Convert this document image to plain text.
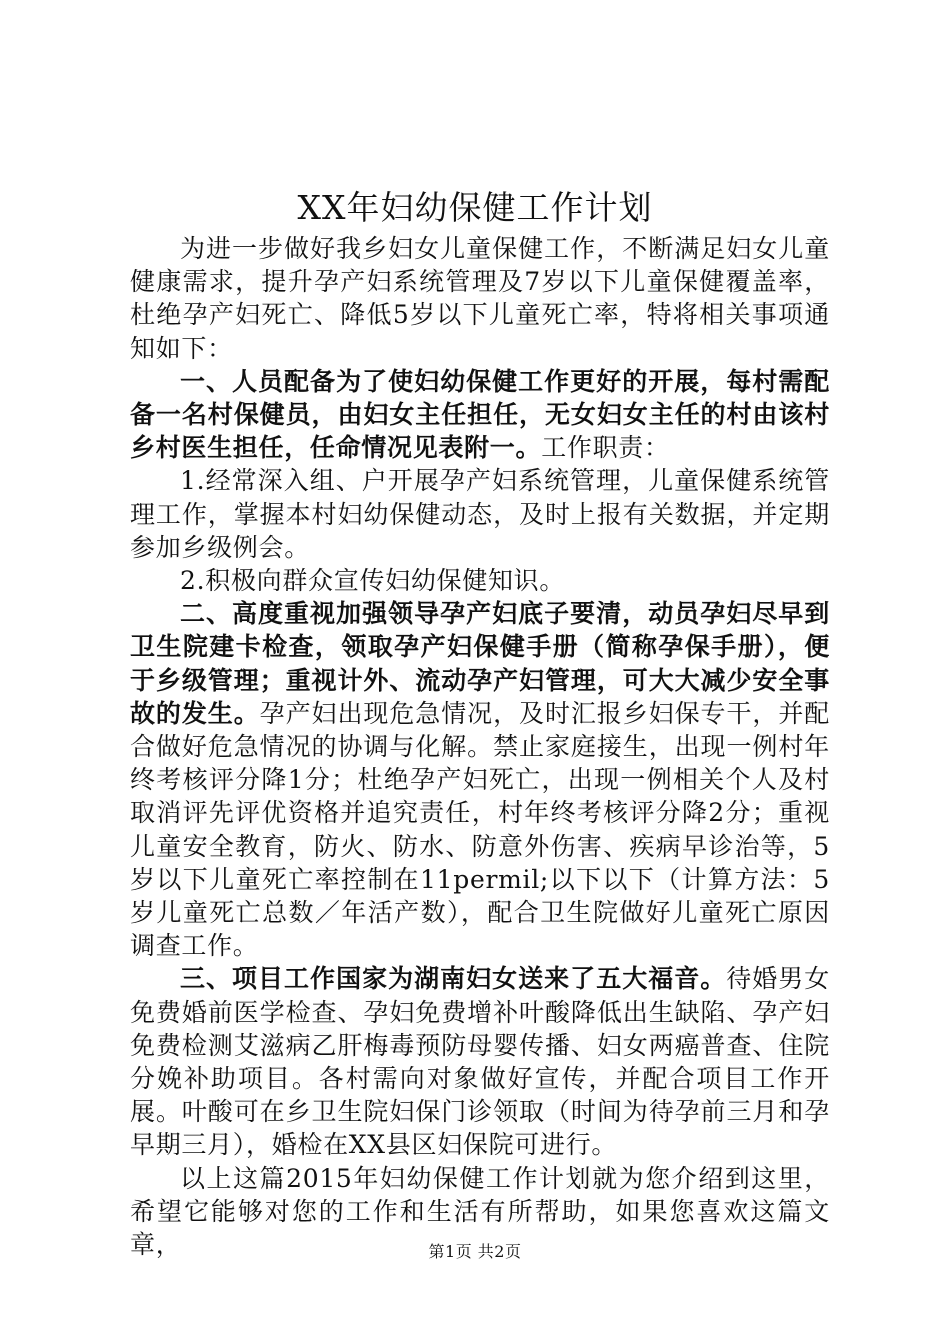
XX年妇幼保健工作计划

为进一步做好我乡妇女儿童保健工作，不断满足妇女儿童健康需求，提升孕产妇系统管理及7岁以下儿童保健覆盖率，杜绝孕产妇死亡、降低5岁以下儿童死亡率，特将相关事项通知如下：

一、人员配备为了使妇幼保健工作更好的开展，每村需配备一名村保健员，由妇女主任担任，无女妇女主任的村由该村乡村医生担任，任命情况见表附一。工作职责：

1.经常深入组、户开展孕产妇系统管理，儿童保健系统管理工作，掌握本村妇幼保健动态，及时上报有关数据，并定期参加乡级例会。

2.积极向群众宣传妇幼保健知识。

二、高度重视加强领导孕产妇底子要清，动员孕妇尽早到卫生院建卡检查，领取孕产妇保健手册（简称孕保手册），便于乡级管理；重视计外、流动孕产妇管理，可大大减少安全事故的发生。孕产妇出现危急情况，及时汇报乡妇保专干，并配合做好危急情况的协调与化解。禁止家庭接生，出现一例村年终考核评分降1分；杜绝孕产妇死亡，出现一例相关个人及村取消评先评优资格并追究责任，村年终考核评分降2分；重视儿童安全教育，防火、防水、防意外伤害、疾病早诊治等，5岁以下儿童死亡率控制在11permil;以下以下（计算方法：5岁儿童死亡总数／年活产数），配合卫生院做好儿童死亡原因调查工作。

三、项目工作国家为湖南妇女送来了五大福音。待婚男女免费婚前医学检查、孕妇免费增补叶酸降低出生缺陷、孕产妇免费检测艾滋病乙肝梅毒预防母婴传播、妇女两癌普查、住院分娩补助项目。各村需向对象做好宣传，并配合项目工作开展。叶酸可在乡卫生院妇保门诊领取（时间为待孕前三月和孕早期三月），婚检在XX县区妇保院可进行。

以上这篇2015年妇幼保健工作计划就为您介绍到这里，希望它能够对您的工作和生活有所帮助，如果您喜欢这篇文章，	第1页 共2页
